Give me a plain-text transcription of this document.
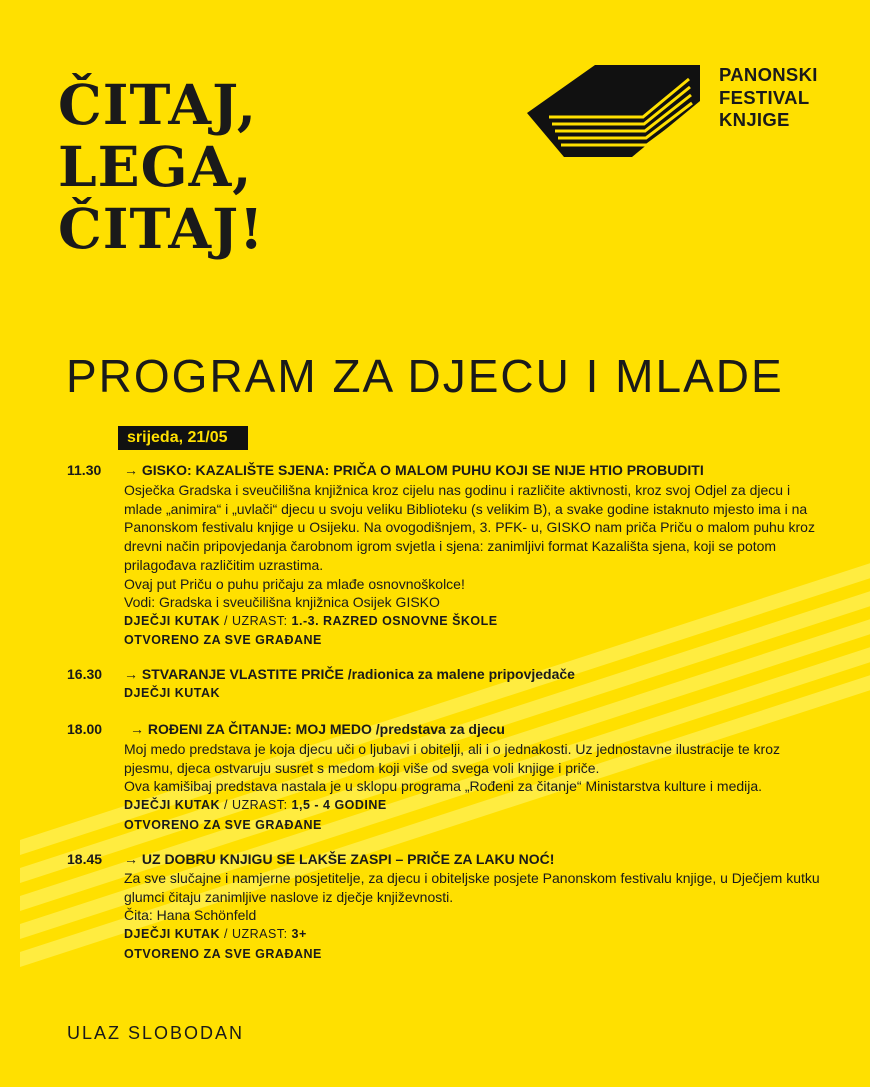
ČITAJ,
LEGA,
ČITAJ!
PANONSKI
FESTIVAL
KNJIGE
PROGRAM ZA DJECU I MLADE
srijeda, 21/05
11.30 → GISKO: KAZALIŠTE SJENA: PRIČA O MALOM PUHU KOJI SE NIJE HTIO PROBUDITI

Osječka Gradska i sveučilišna knjižnica kroz cijelu nas godinu i različite aktivnosti, kroz svoj Odjel za djecu i mlade „animira“ i „uvlači“ djecu u svoju veliku Biblioteku (s velikim B), a svake godine istaknuto mjesto ima i na Panonskom festivalu knjige u Osijeku. Na ovogodišnjem, 3. PFK- u, GISKO nam priča Priču o malom puhu kroz drevni način pripovjedanja čarobnom igrom svjetla i sjena: zanimljivi format Kazališta sjena, koji se potom prilagođava različitim uzrastima.

Ovaj put Priču o puhu pričaju za mlađe osnovnoškolce!

Vodi: Gradska i sveučilišna knjižnica Osijek GISKO

DJEČJI KUTAK / UZRAST: 1.-3. RAZRED OSNOVNE ŠKOLE
OTVORENO ZA SVE GRAĐANE
16.30 → STVARANJE VLASTITE PRIČE /radionica za malene pripovjedače
DJEČJI KUTAK
18.00 → ROĐENI ZA ČITANJE: MOJ MEDO /predstava za djecu

Moj medo predstava je koja djecu uči o ljubavi i obitelji, ali i o jednakosti. Uz jednostavne ilustracije te kroz pjesmu, djeca ostvaruju susret s medom koji više od svega voli knjige i priče.

Ova kamišibaj predstava nastala je u sklopu programa „Rođeni za čitanje“ Ministarstva kulture i medija.

DJEČJI KUTAK / UZRAST: 1,5 - 4 GODINE
OTVORENO ZA SVE GRAĐANE
18.45 → UZ DOBRU KNJIGU SE LAKŠE ZASPI – PRIČE ZA LAKU NOĆ!

Za sve slučajne i namjerne posjetitelje, za djecu i obiteljske posjete Panonskom festivalu knjige, u Dječjem kutku glumci čitaju zanimljive naslove iz dječje književnosti.

Čita: Hana Schönfeld

DJEČJI KUTAK / UZRAST: 3+
OTVORENO ZA SVE GRAĐANE
ULAZ SLOBODAN
